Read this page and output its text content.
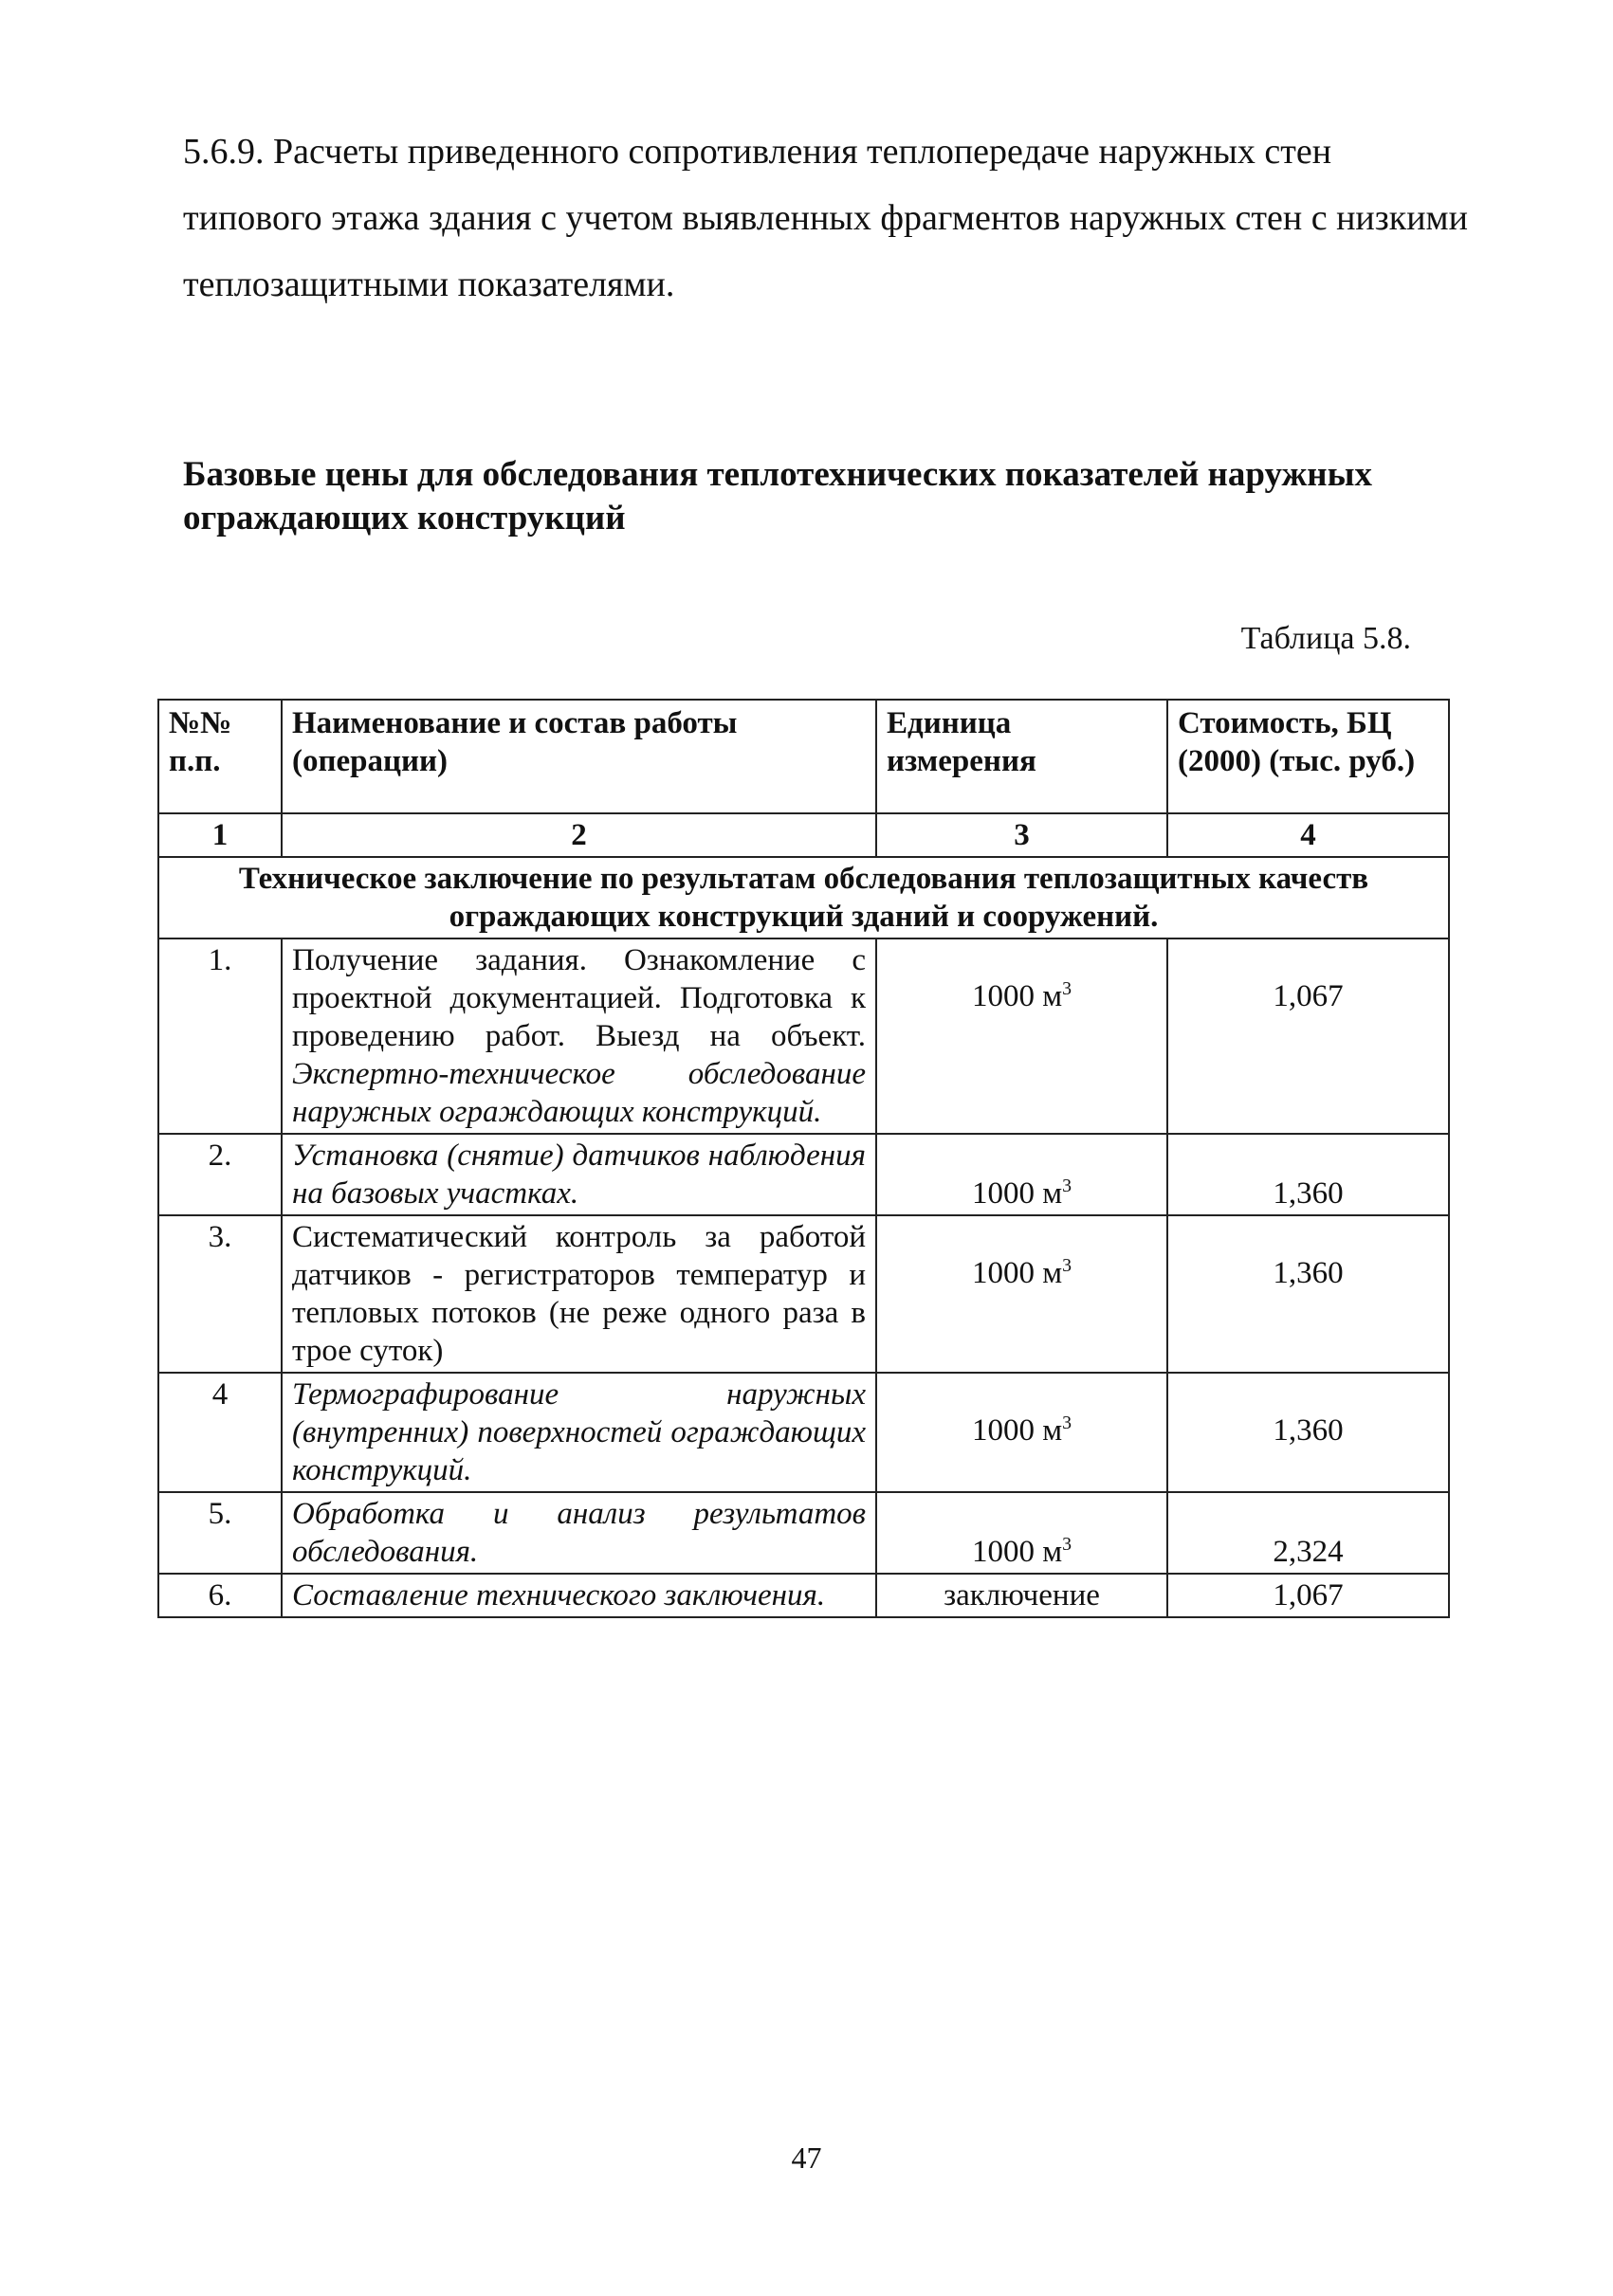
5.6.9. Расчеты приведенного сопротивления теплопередаче наружных стен типового этажа здания с учетом выявленных фрагментов наружных стен с низкими теплозащитными показателями.

Базовые цены для обследования теплотехнических показателей наружных ограждающих конструкций

Таблица 5.8.

№№ п.п.	Наименование и состав работы (операции)	Единица измерения	Стоимость, БЦ (2000) (тыс. руб.)
1	2	3	4
Техническое заключение по результатам обследования теплозащитных качеств ограждающих конструкций зданий и сооружений.			
1.	Получение задания. Ознакомление с проектной документацией. Подготовка к проведению работ. Выезд на объект. Экспертно-техническое обследование наружных ограждающих конструкций.	1000 $м^3$	1,067
2.	Установка (снятие) датчиков наблюдения на базовых участках.	1000 $м^3$	1,360
3.	Систематический контроль за работой датчиков - регистраторов температур и тепловых потоков (не реже одного раза в трое суток)	1000 $м^3$	1,360
4	Термографирование наружных (внутренних) поверхностей ограждающих конструкций.	1000 $м^3$	1,360
5.	Обработка и анализ результатов обследования.	1000 $м^3$	2,324
6.	Составление технического заключения.	заключение	1,067

47
